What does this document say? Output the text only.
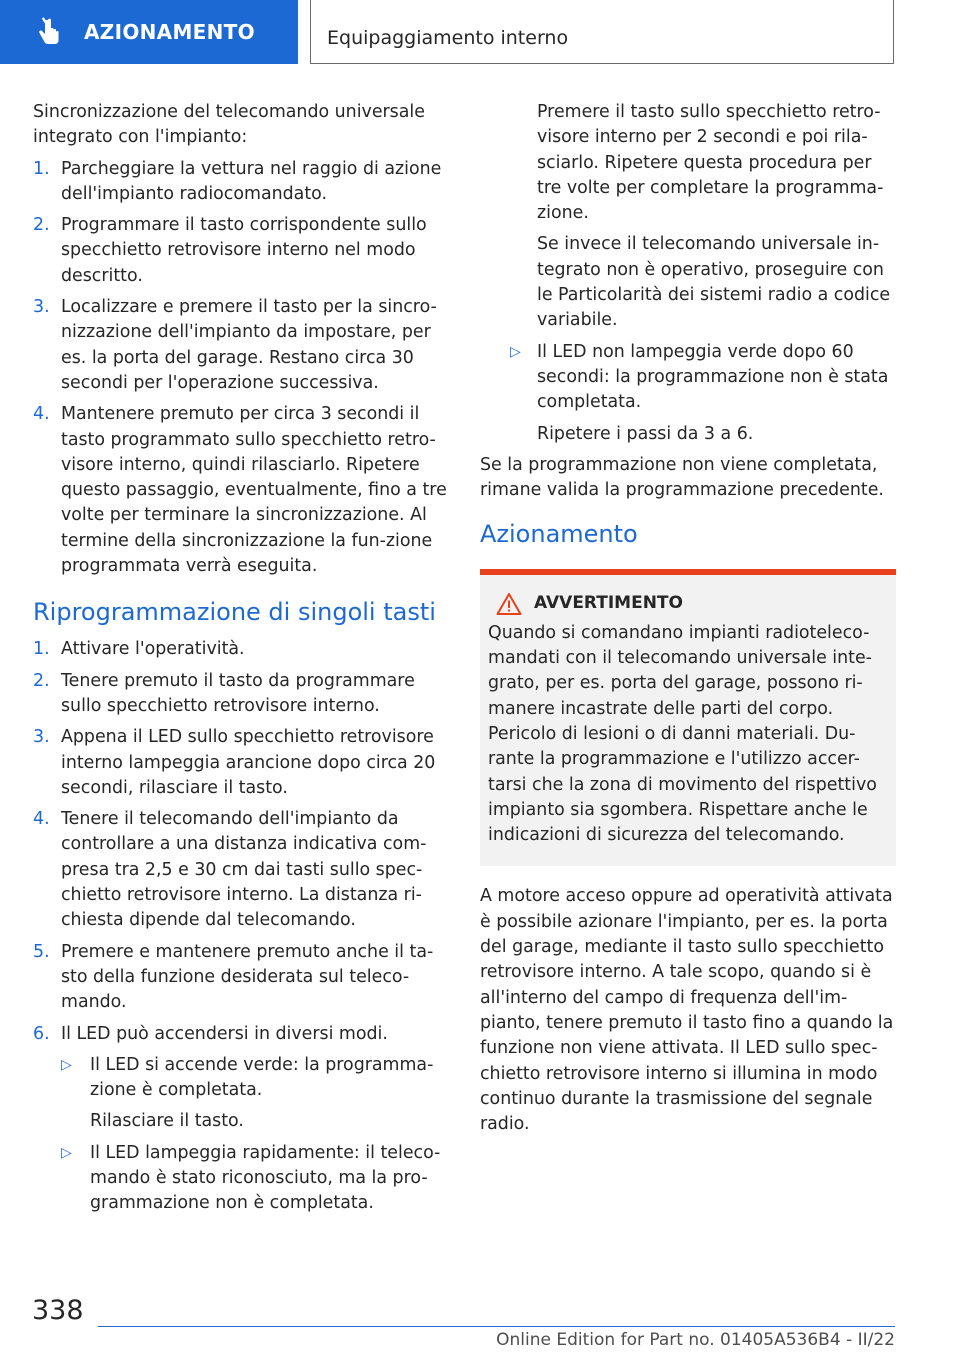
AZIONAMENTO	Equipaggiamento interno

Sincronizzazione del telecomando universale integrato con l'impianto:

1. Parcheggiare la vettura nel raggio di azione dell'impianto radiocomandato.
2. Programmare il tasto corrispondente sullo specchietto retrovisore interno nel modo descritto.
3. Localizzare e premere il tasto per la sincro-nizzazione dell'impianto da impostare, per es. la porta del garage. Restano circa 30 secondi per l'operazione successiva.
4. Mantenere premuto per circa 3 secondi il tasto programmato sullo specchietto retro-visore interno, quindi rilasciarlo. Ripetere questo passaggio, eventualmente, fino a tre volte per terminare la sincronizzazione. Al termine della sincronizzazione la fun-zione programmata verrà eseguita.
Riprogrammazione di singoli tasti
1. Attivare l'operatività.
2. Tenere premuto il tasto da programmare sullo specchietto retrovisore interno.
3. Appena il LED sullo specchietto retrovisore interno lampeggia arancione dopo circa 20 secondi, rilasciare il tasto.
4. Tenere il telecomando dell'impianto da controllare a una distanza indicativa com-presa tra 2,5 e 30 cm dai tasti sullo spec-chietto retrovisore interno. La distanza ri-chiesta dipende dal telecomando.
5. Premere e mantenere premuto anche il ta-sto della funzione desiderata sul teleco-mando.
6. Il LED può accendersi in diversi modi.
▷ Il LED si accende verde: la programma-zione è completata.
Rilasciare il tasto.
▷ Il LED lampeggia rapidamente: il teleco-mando è stato riconosciuto, ma la pro-grammazione non è completata.
Premere il tasto sullo specchietto retro-visore interno per 2 secondi e poi rila-sciarlo. Ripetere questa procedura per tre volte per completare la programma-zione.
Se invece il telecomando universale in-tegrato non è operativo, proseguire con le Particolarità dei sistemi radio a codice variabile.
▷ Il LED non lampeggia verde dopo 60 secondi: la programmazione non è stata completata.
Ripetere i passi da 3 a 6.

Se la programmazione non viene completata, rimane valida la programmazione precedente.

Azionamento
AVVERTIMENTO
Quando si comandano impianti radioteleco-mandati con il telecomando universale inte-grato, per es. porta del garage, possono ri-manere incastrate delle parti del corpo. Pericolo di lesioni o di danni materiali. Du-rante la programmazione e l'utilizzo accer-tarsi che la zona di movimento del rispettivo impianto sia sgombera. Rispettare anche le indicazioni di sicurezza del telecomando.

A motore acceso oppure ad operatività attivata è possibile azionare l'impianto, per es. la porta del garage, mediante il tasto sullo specchietto retrovisore interno. A tale scopo, quando si è all'interno del campo di frequenza dell'im-pianto, tenere premuto il tasto fino a quando la funzione non viene attivata. Il LED sullo spec-chietto retrovisore interno si illumina in modo continuo durante la trasmissione del segnale radio.

338
Online Edition for Part no. 01405A536B4 - II/22
